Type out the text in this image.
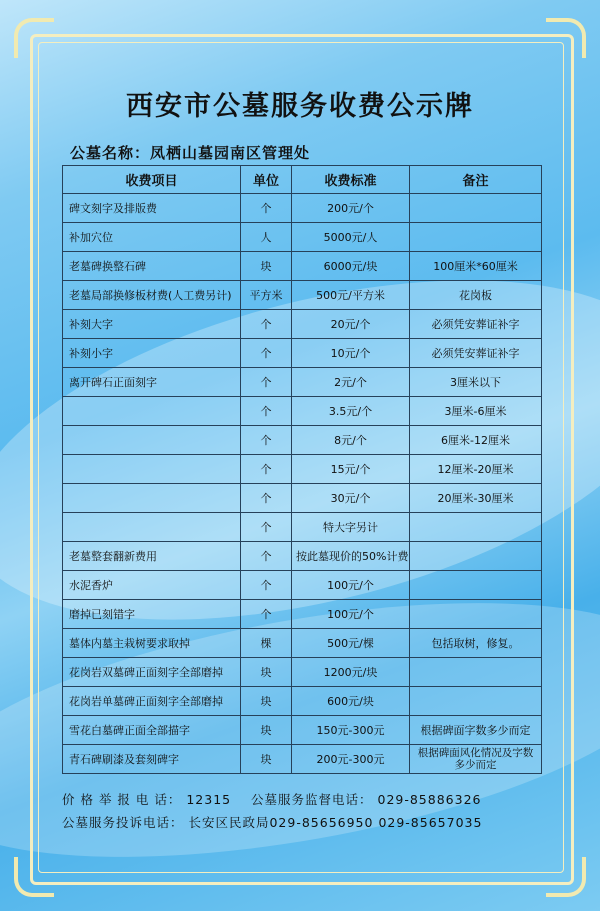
西安市公墓服务收费公示牌
公墓名称：凤栖山墓园南区管理处
收费项目	单位	收费标准	备注
碑文刻字及排版费	个	200元/个	
补加穴位	人	5000元/人	
老墓碑换整石碑	块	6000元/块	100厘米*60厘米
老墓局部换修板材费(人工费另计)	平方米	500元/平方米	花岗板
补刻大字	个	20元/个	必须凭安葬证补字
补刻小字	个	10元/个	必须凭安葬证补字
离开碑石正面刻字	个	2元/个	3厘米以下
	个	3.5元/个	3厘米-6厘米
	个	8元/个	6厘米-12厘米
	个	15元/个	12厘米-20厘米
	个	30元/个	20厘米-30厘米
	个	特大字另计	
老墓整套翻新费用	个	按此墓现价的50%计费	
水泥香炉	个	100元/个	
磨掉已刻错字	个	100元/个	
墓体内墓主栽树要求取掉	棵	500元/棵	包括取树，修复。
花岗岩双墓碑正面刻字全部磨掉	块	1200元/块	
花岗岩单墓碑正面刻字全部磨掉	块	600元/块	
雪花白墓碑正面全部描字	块	150元-300元	根据碑面字数多少而定
青石碑刷漆及套刻碑字	块	200元-300元	根据碑面风化情况及字数多少而定
价 格 举 报 电 话： 12315 公墓服务监督电话： 029-85886326
公墓服务投诉电话： 长安区民政局029-85656950 029-85657035
